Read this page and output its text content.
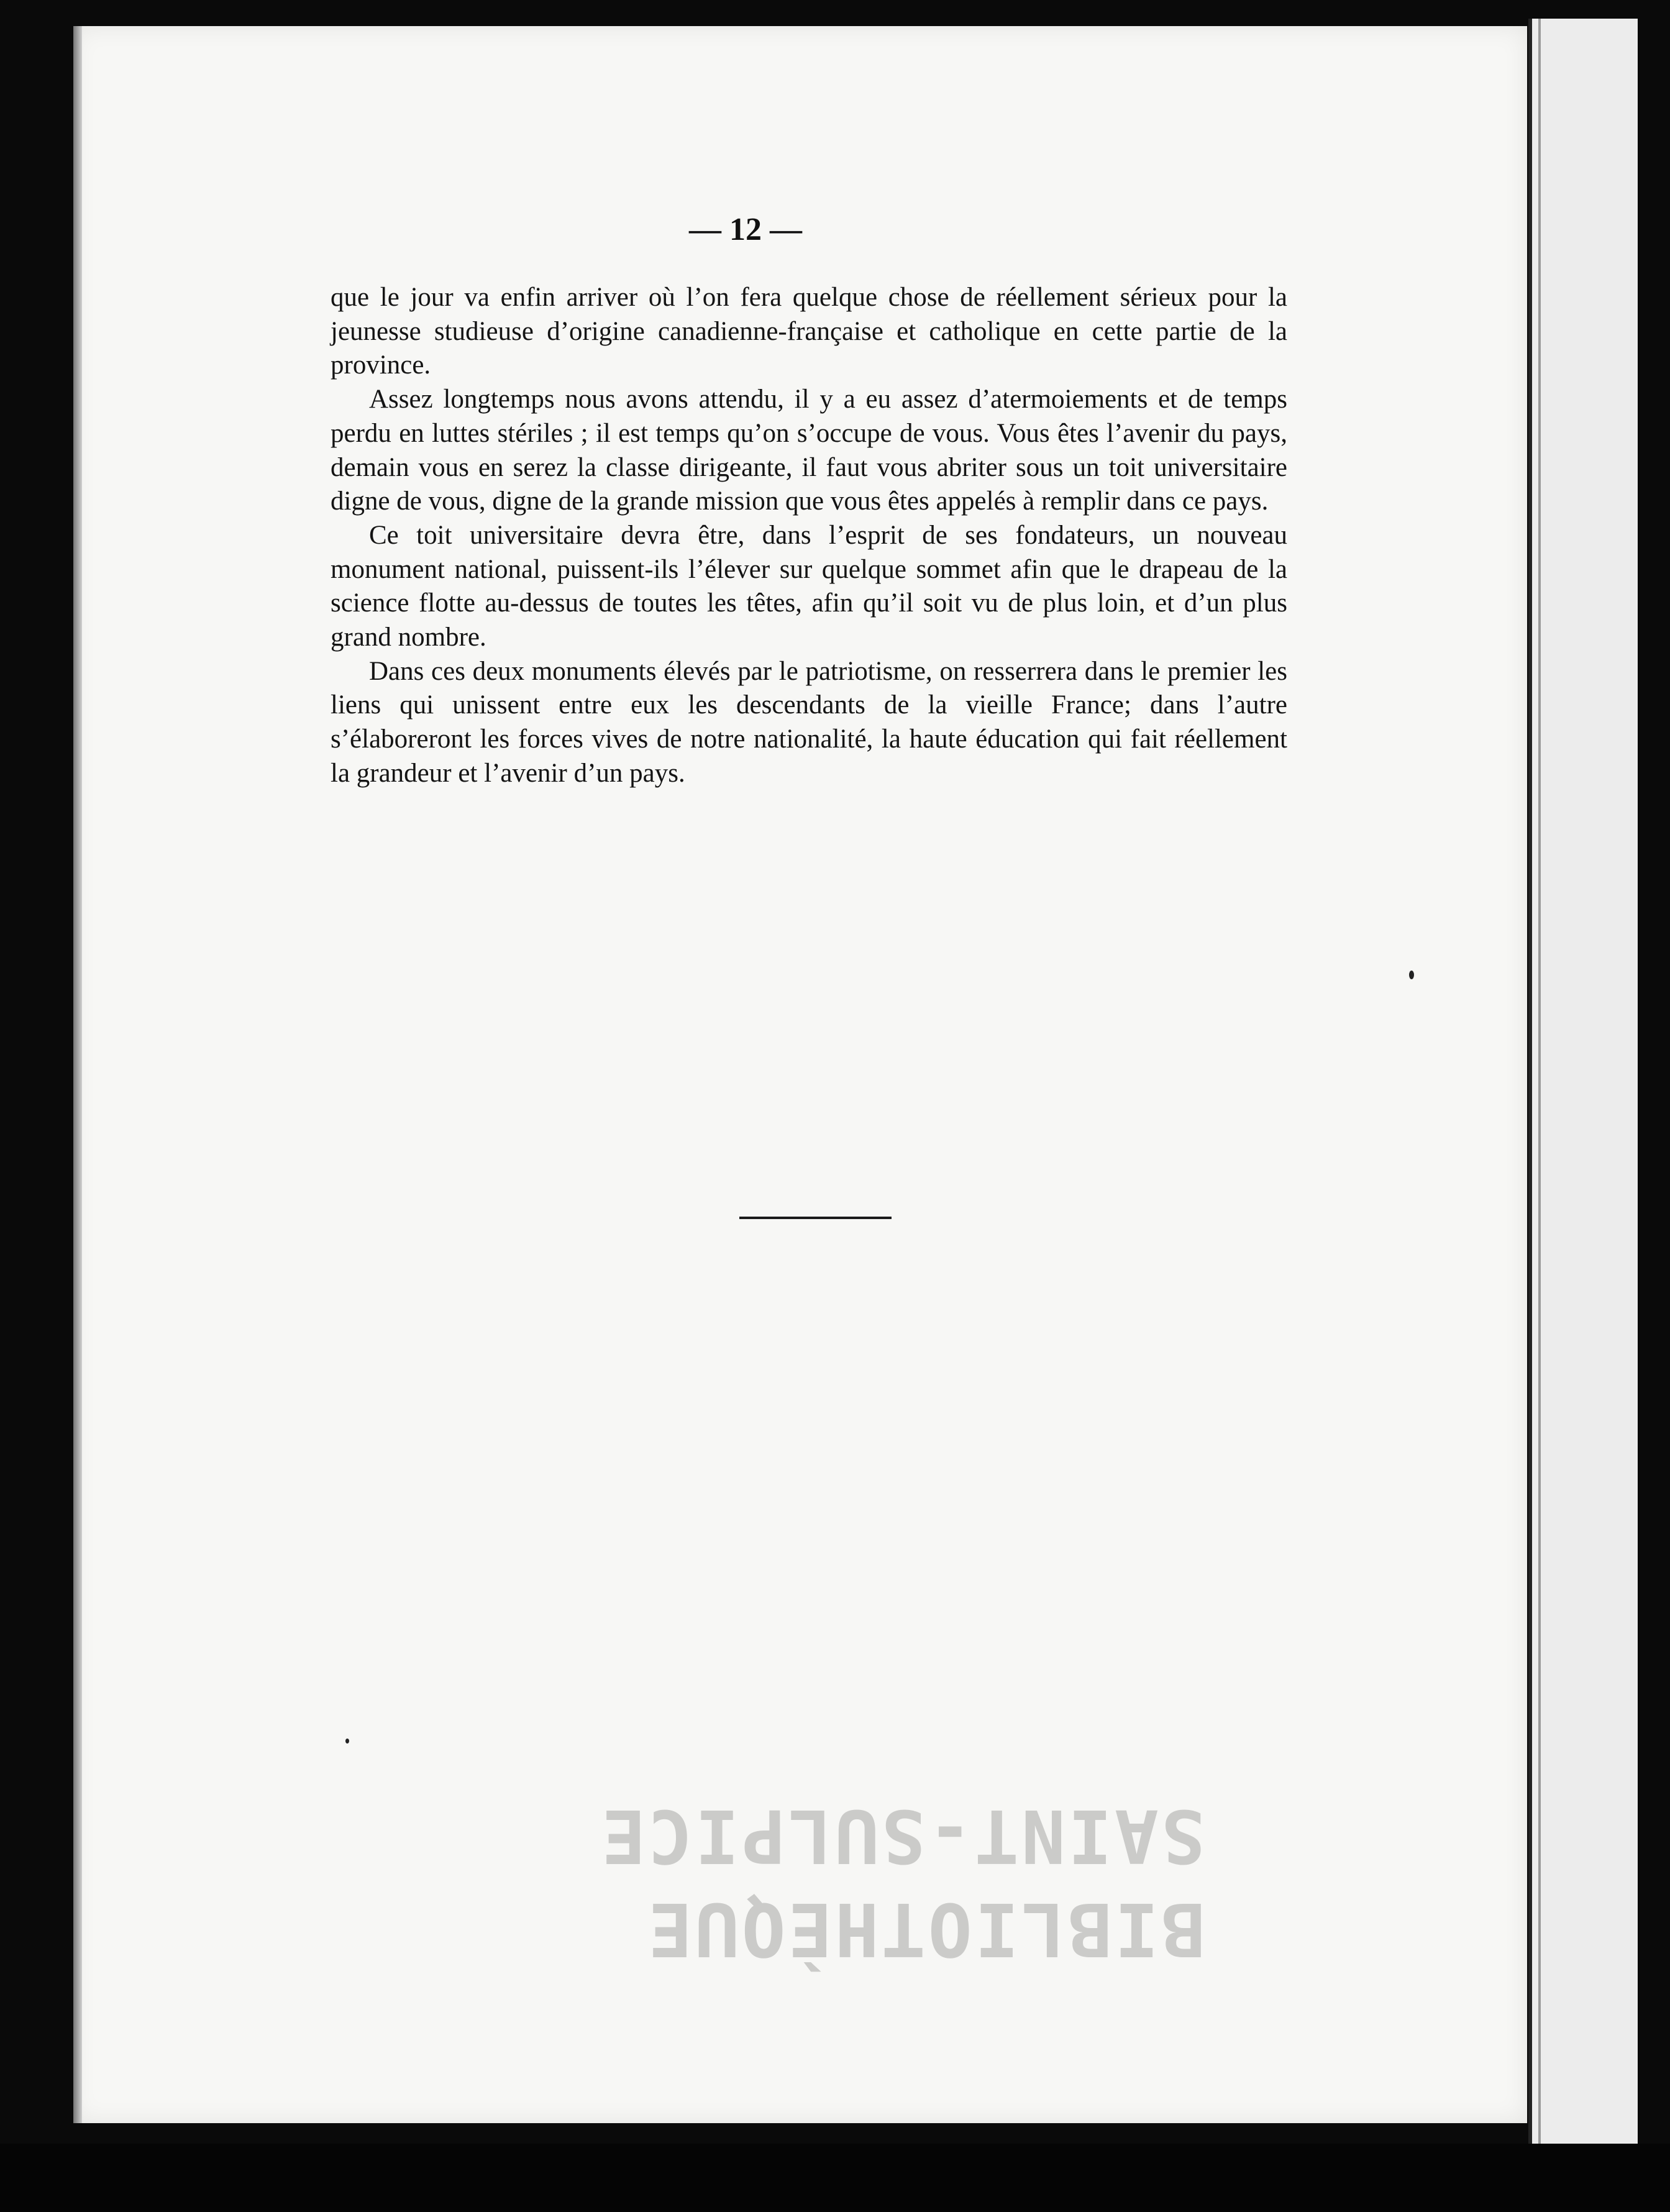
— 12 —

que le jour va enfin arriver où l’on fera quelque chose de réellement sérieux pour la jeunesse studieuse d’origine canadienne-française et catholique en cette partie de la province.

Assez longtemps nous avons attendu, il y a eu assez d’atermoiements et de temps perdu en luttes stériles ; il est temps qu’on s’occupe de vous. Vous êtes l’avenir du pays, demain vous en serez la classe dirigeante, il faut vous abriter sous un toit universitaire digne de vous, digne de la grande mission que vous êtes appelés à remplir dans ce pays.

Ce toit universitaire devra être, dans l’esprit de ses fondateurs, un nouveau monument national, puissent-ils l’élever sur quelque sommet afin que le drapeau de la science flotte au-dessus de toutes les têtes, afin qu’il soit vu de plus loin, et d’un plus grand nombre.

Dans ces deux monuments élevés par le patriotisme, on resserrera dans le premier les liens qui unissent entre eux les descendants de la vieille France; dans l’autre s’élaboreront les forces vives de notre nationalité, la haute éducation qui fait réellement la grandeur et l’avenir d’un pays.

BIBLIOTHÈQUE
SAINT-SULPICE
